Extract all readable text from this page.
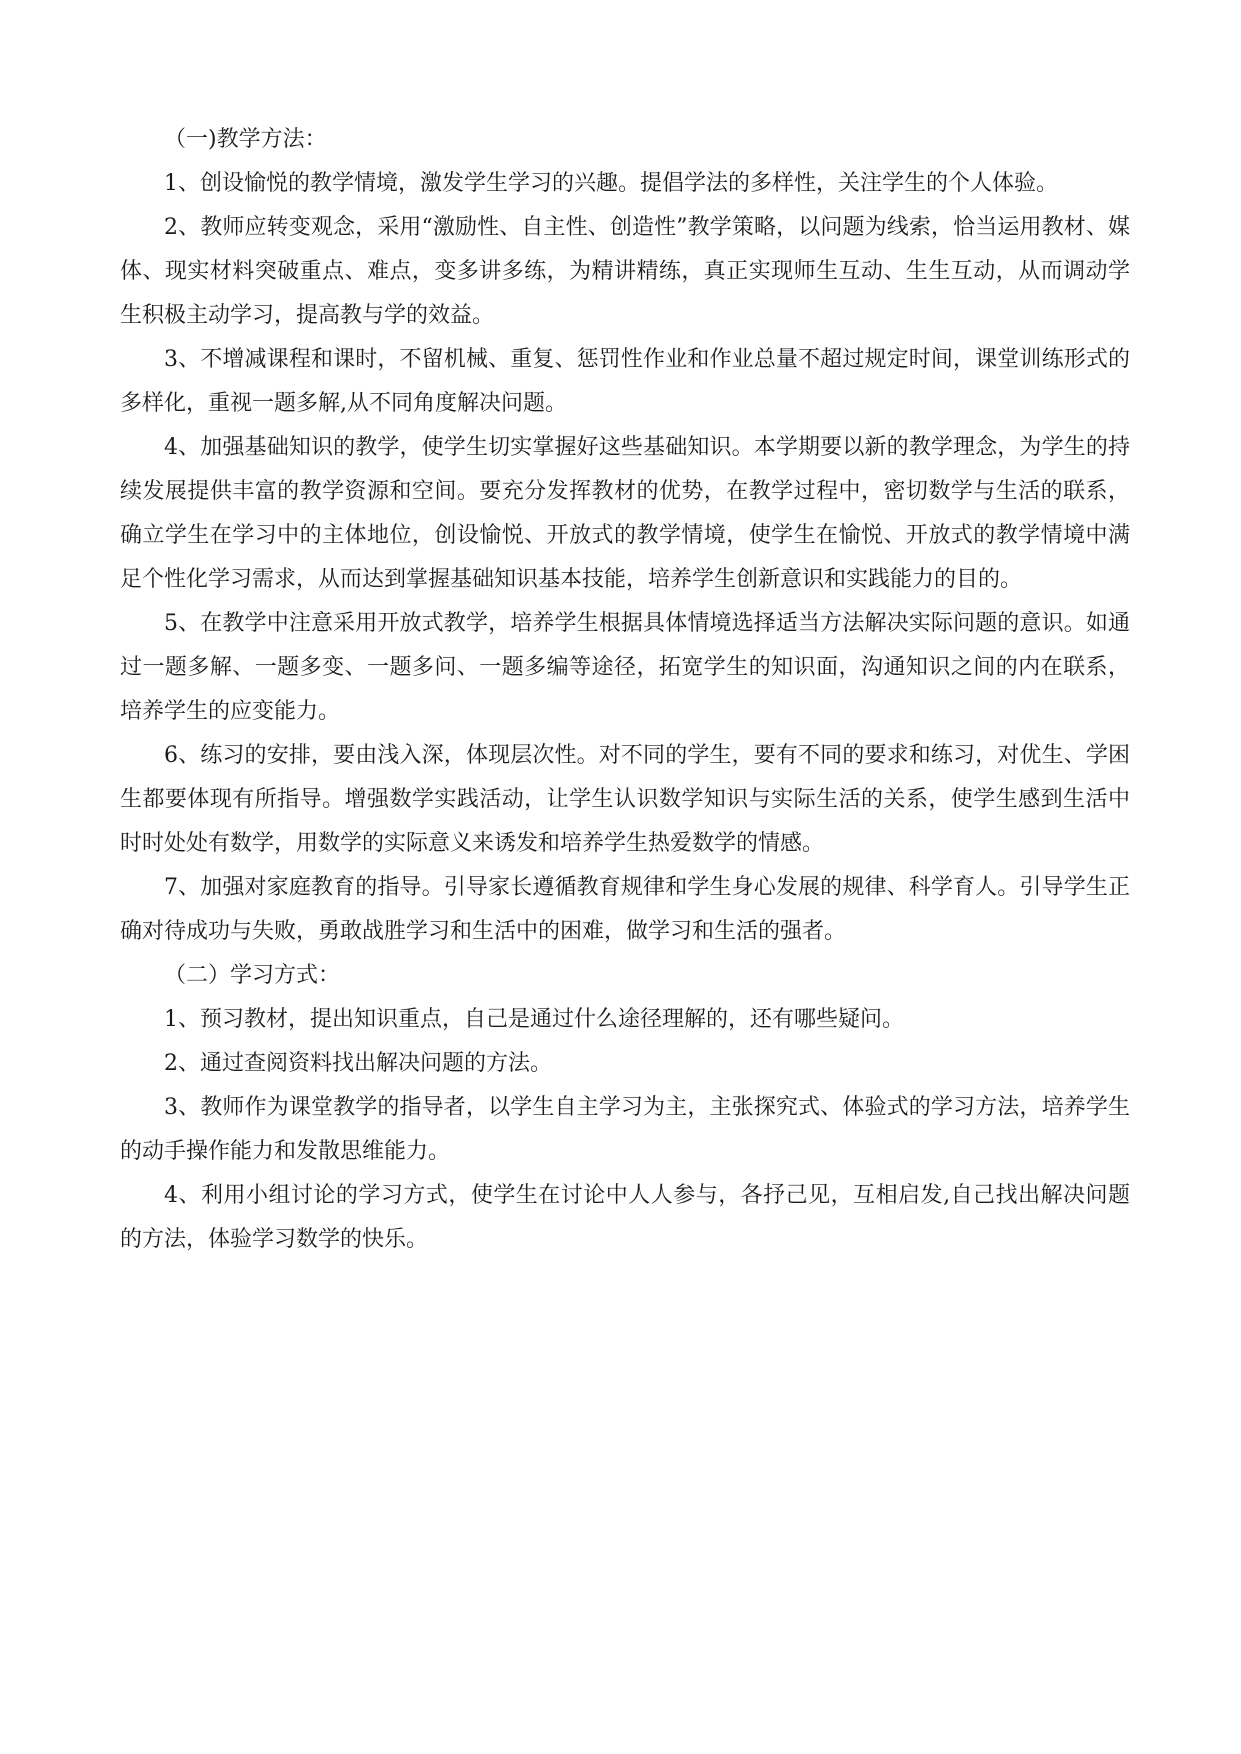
（一)教学方法：

1、创设愉悦的教学情境，激发学生学习的兴趣。提倡学法的多样性，关注学生的个人体验。

2、教师应转变观念，采用“激励性、自主性、创造性”教学策略，以问题为线索，恰当运用教材、媒体、现实材料突破重点、难点，变多讲多练，为精讲精练，真正实现师生互动、生生互动，从而调动学生积极主动学习，提高教与学的效益。

3、不增减课程和课时，不留机械、重复、惩罚性作业和作业总量不超过规定时间，课堂训练形式的多样化，重视一题多解,从不同角度解决问题。

4、加强基础知识的教学，使学生切实掌握好这些基础知识。本学期要以新的教学理念，为学生的持续发展提供丰富的教学资源和空间。要充分发挥教材的优势，在教学过程中，密切数学与生活的联系，确立学生在学习中的主体地位，创设愉悦、开放式的教学情境，使学生在愉悦、开放式的教学情境中满足个性化学习需求，从而达到掌握基础知识基本技能，培养学生创新意识和实践能力的目的。

5、在教学中注意采用开放式教学，培养学生根据具体情境选择适当方法解决实际问题的意识。如通过一题多解、一题多变、一题多问、一题多编等途径，拓宽学生的知识面，沟通知识之间的内在联系，培养学生的应变能力。

6、练习的安排，要由浅入深，体现层次性。对不同的学生，要有不同的要求和练习，对优生、学困生都要体现有所指导。增强数学实践活动，让学生认识数学知识与实际生活的关系，使学生感到生活中时时处处有数学，用数学的实际意义来诱发和培养学生热爱数学的情感。

7、加强对家庭教育的指导。引导家长遵循教育规律和学生身心发展的规律、科学育人。引导学生正确对待成功与失败，勇敢战胜学习和生活中的困难，做学习和生活的强者。

（二）学习方式：

1、预习教材，提出知识重点，自己是通过什么途径理解的，还有哪些疑问。

2、通过查阅资料找出解决问题的方法。

3、教师作为课堂教学的指导者，以学生自主学习为主，主张探究式、体验式的学习方法，培养学生的动手操作能力和发散思维能力。

4、利用小组讨论的学习方式，使学生在讨论中人人参与，各抒己见，互相启发,自己找出解决问题的方法，体验学习数学的快乐。
